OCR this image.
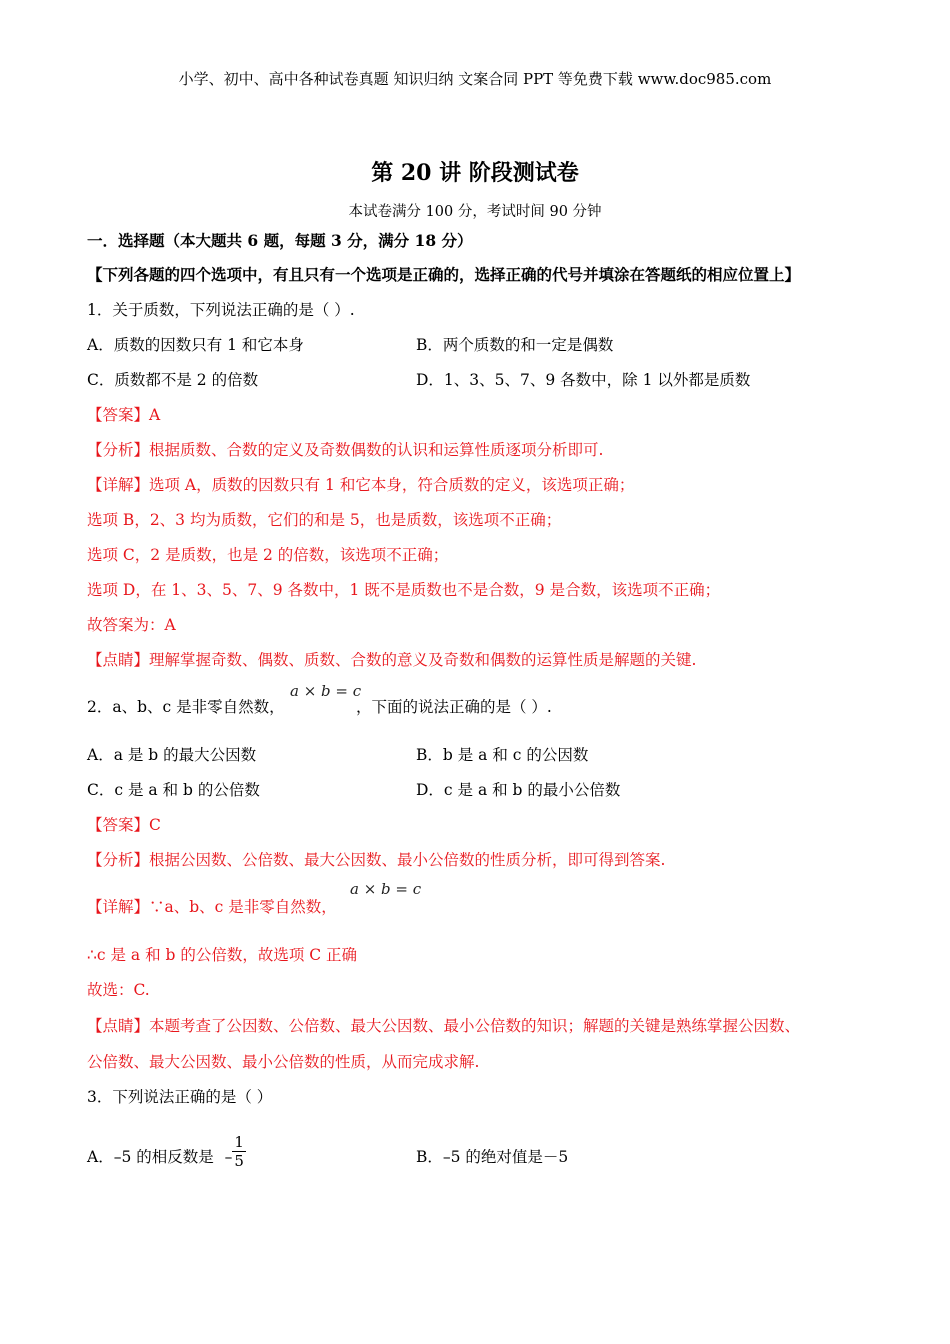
小学、初中、高中各种试卷真题 知识归纳 文案合同 PPT 等免费下载 www.doc985.com
第 20 讲 阶段测试卷
本试卷满分 100 分，考试时间 90 分钟
一．选择题（本大题共 6 题，每题 3 分，满分 18 分）
【下列各题的四个选项中，有且只有一个选项是正确的，选择正确的代号并填涂在答题纸的相应位置上】
1．关于质数，下列说法正确的是（ ）.
A．质数的因数只有 1 和它本身	B．两个质数的和一定是偶数
C．质数都不是 2 的倍数	D．1、3、5、7、9 各数中，除 1 以外都是质数
【答案】A
【分析】根据质数、合数的定义及奇数偶数的认识和运算性质逐项分析即可.
【详解】选项 A，质数的因数只有 1 和它本身，符合质数的定义，该选项正确；
选项 B，2、3 均为质数，它们的和是 5，也是质数，该选项不正确；
选项 C，2 是质数，也是 2 的倍数，该选项不正确；
选项 D，在 1、3、5、7、9 各数中，1 既不是质数也不是合数，9 是合数，该选项不正确；
故答案为：A
【点睛】理解掌握奇数、偶数、质数、合数的意义及奇数和偶数的运算性质是解题的关键.
2．a、b、c 是非零自然数，
a × b = c
，下面的说法正确的是（ ）.
A．a 是 b 的最大公因数	B．b 是 a 和 c 的公因数
C．c 是 a 和 b 的公倍数	D．c 是 a 和 b 的最小公倍数
【答案】C
【分析】根据公因数、公倍数、最大公因数、最小公倍数的性质分析，即可得到答案.
【详解】∵a、b、c 是非零自然数，
a × b = c
∴c 是 a 和 b 的公倍数，故选项 C 正确
故选：C.
【点睛】本题考查了公因数、公倍数、最大公因数、最小公倍数的知识；解题的关键是熟练掌握公因数、
公倍数、最大公因数、最小公倍数的性质，从而完成求解.
3．下列说法正确的是（ ）
A．–5 的相反数是 – $\frac{1}{5}$	B．–5 的绝对值是－5
